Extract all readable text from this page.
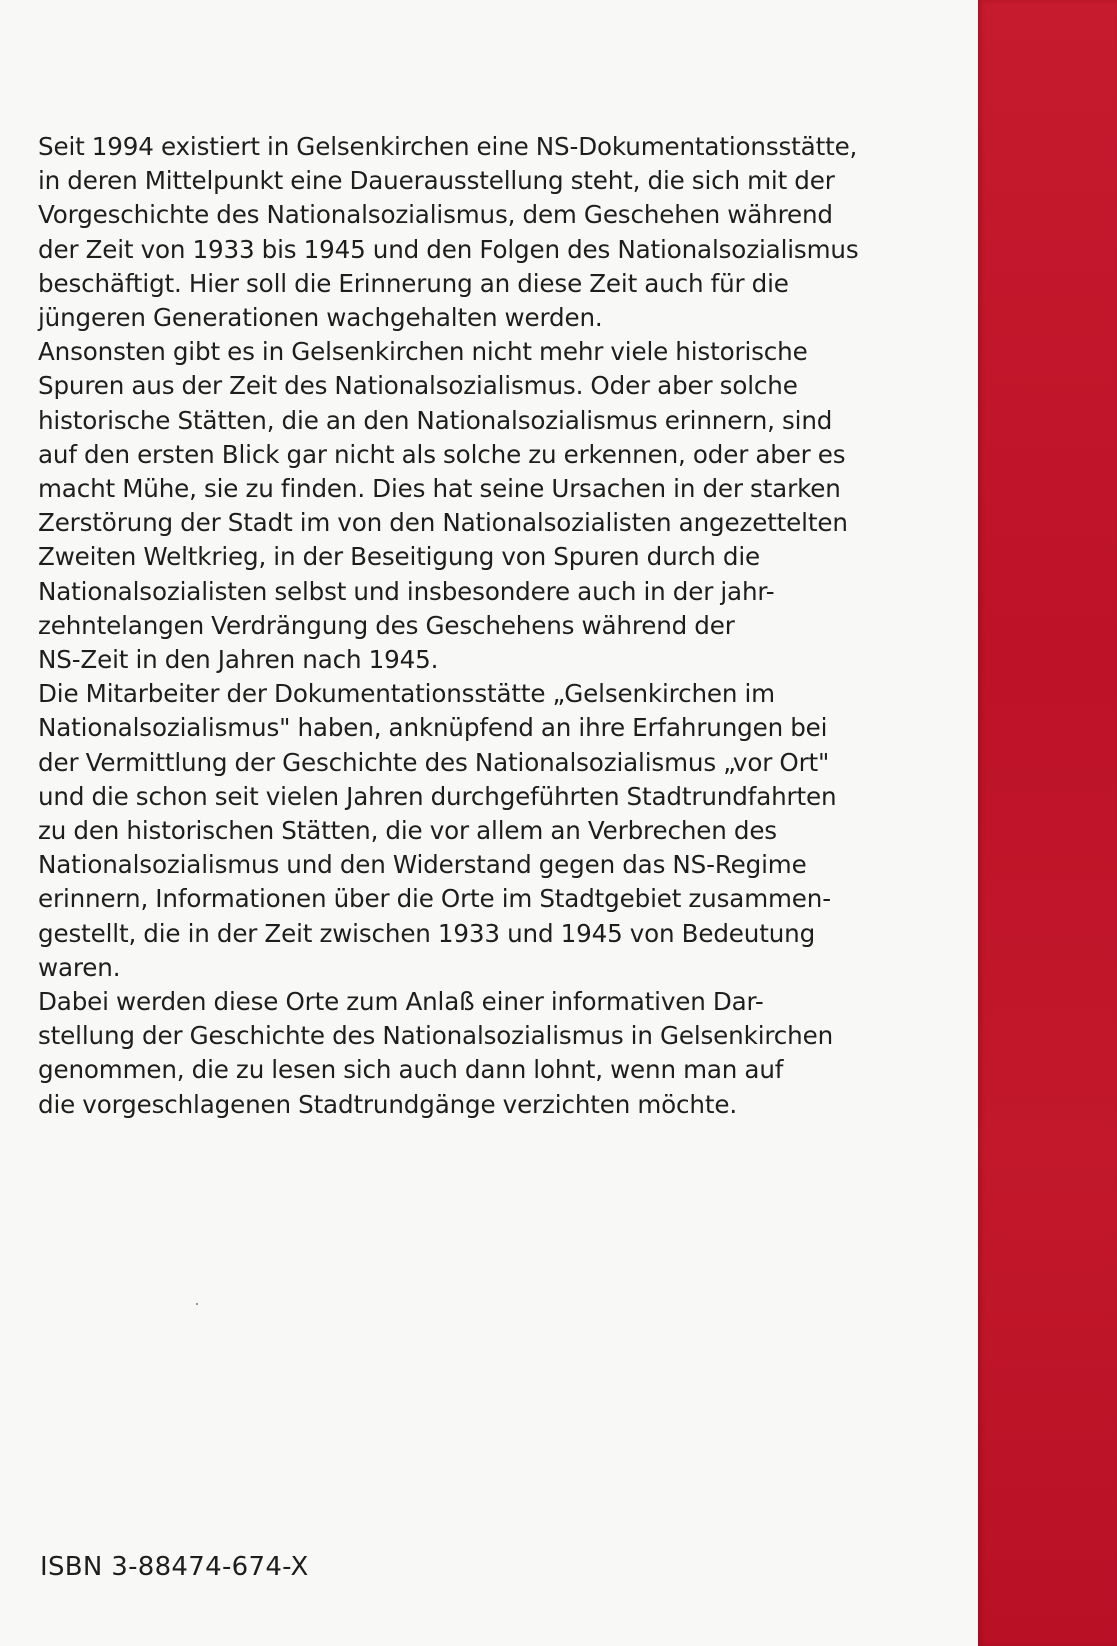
Seit 1994 existiert in Gelsenkirchen eine NS-Dokumentationsstätte,
in deren Mittelpunkt eine Dauerausstellung steht, die sich mit der
Vorgeschichte des Nationalsozialismus, dem Geschehen während
der Zeit von 1933 bis 1945 und den Folgen des Nationalsozialismus
beschäftigt. Hier soll die Erinnerung an diese Zeit auch für die
jüngeren Generationen wachgehalten werden.
Ansonsten gibt es in Gelsenkirchen nicht mehr viele historische
Spuren aus der Zeit des Nationalsozialismus. Oder aber solche
historische Stätten, die an den Nationalsozialismus erinnern, sind
auf den ersten Blick gar nicht als solche zu erkennen, oder aber es
macht Mühe, sie zu finden. Dies hat seine Ursachen in der starken
Zerstörung der Stadt im von den Nationalsozialisten angezettelten
Zweiten Weltkrieg, in der Beseitigung von Spuren durch die
Nationalsozialisten selbst und insbesondere auch in der jahr-
zehntelangen Verdrängung des Geschehens während der
NS-Zeit in den Jahren nach 1945.
Die Mitarbeiter der Dokumentationsstätte „Gelsenkirchen im
Nationalsozialismus" haben, anknüpfend an ihre Erfahrungen bei
der Vermittlung der Geschichte des Nationalsozialismus „vor Ort"
und die schon seit vielen Jahren durchgeführten Stadtrundfahrten
zu den historischen Stätten, die vor allem an Verbrechen des
Nationalsozialismus und den Widerstand gegen das NS-Regime
erinnern, Informationen über die Orte im Stadtgebiet zusammen-
gestellt, die in der Zeit zwischen 1933 und 1945 von Bedeutung
waren.
Dabei werden diese Orte zum Anlaß einer informativen Dar-
stellung der Geschichte des Nationalsozialismus in Gelsenkirchen
genommen, die zu lesen sich auch dann lohnt, wenn man auf
die vorgeschlagenen Stadtrundgänge verzichten möchte.
ISBN 3-88474-674-X
